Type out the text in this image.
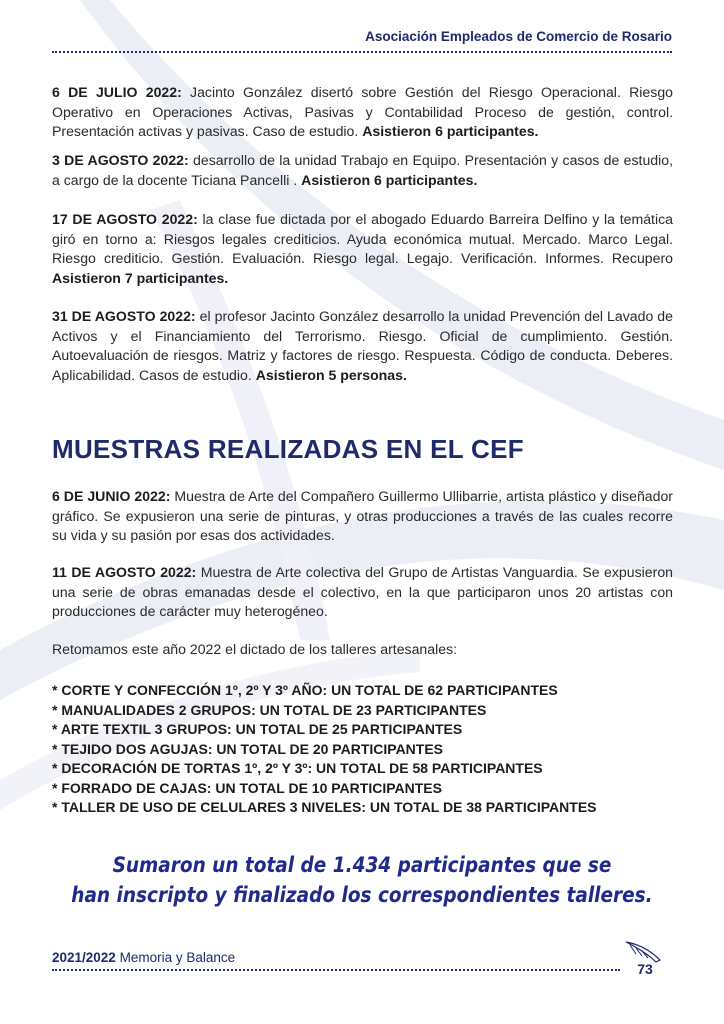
Asociación Empleados de Comercio de Rosario
6 DE JULIO 2022: Jacinto González disertó sobre Gestión del Riesgo Operacional. Riesgo Operativo en Operaciones Activas, Pasivas y Contabilidad Proceso de gestión, control. Presentación activas y pasivas. Caso de estudio. Asistieron 6 participantes.
3 DE AGOSTO 2022: desarrollo de la unidad Trabajo en Equipo. Presentación y casos de estudio, a cargo de la docente Ticiana Pancelli . Asistieron 6 participantes.
17 DE AGOSTO 2022: la clase fue dictada por el abogado Eduardo Barreira Delfino y la temática giró en torno a: Riesgos legales crediticios. Ayuda económica mutual. Mercado. Marco Legal. Riesgo crediticio. Gestión. Evaluación. Riesgo legal. Legajo. Verificación. Informes. Recupero Asistieron 7 participantes.
31 DE AGOSTO 2022: el profesor Jacinto González desarrollo la unidad Prevención del Lavado de Activos y el Financiamiento del Terrorismo. Riesgo. Oficial de cumplimiento. Gestión. Autoevaluación de riesgos. Matriz y factores de riesgo. Respuesta. Código de conducta. Deberes. Aplicabilidad. Casos de estudio. Asistieron 5 personas.
MUESTRAS REALIZADAS EN EL CEF
6 DE JUNIO 2022: Muestra de Arte del Compañero Guillermo Ullibarrie, artista plástico y diseñador gráfico. Se expusieron una serie de pinturas, y otras producciones a través de las cuales recorre su vida y su pasión por esas dos actividades.
11 DE AGOSTO 2022: Muestra de Arte colectiva del Grupo de Artistas Vanguardia. Se expusieron una serie de obras emanadas desde el colectivo, en la que participaron unos 20 artistas con producciones de carácter muy heterogéneo.
Retomamos este año 2022 el dictado de los talleres artesanales:
* CORTE Y CONFECCIÓN 1º, 2º Y 3º AÑO: UN TOTAL DE 62 PARTICIPANTES
* MANUALIDADES 2 GRUPOS: UN TOTAL DE 23 PARTICIPANTES
* ARTE TEXTIL 3 GRUPOS: UN TOTAL DE 25 PARTICIPANTES
* TEJIDO DOS AGUJAS: UN TOTAL DE 20 PARTICIPANTES
* DECORACIÓN DE TORTAS 1º, 2º Y 3º: UN TOTAL DE 58 PARTICIPANTES
* FORRADO DE CAJAS: UN TOTAL DE 10 PARTICIPANTES
* TALLER DE USO DE CELULARES 3 NIVELES: UN TOTAL DE 38 PARTICIPANTES
Sumaron un total de 1.434 participantes que se
han inscripto y finalizado los correspondientes talleres.
2021/2022 Memoria y Balance
73
